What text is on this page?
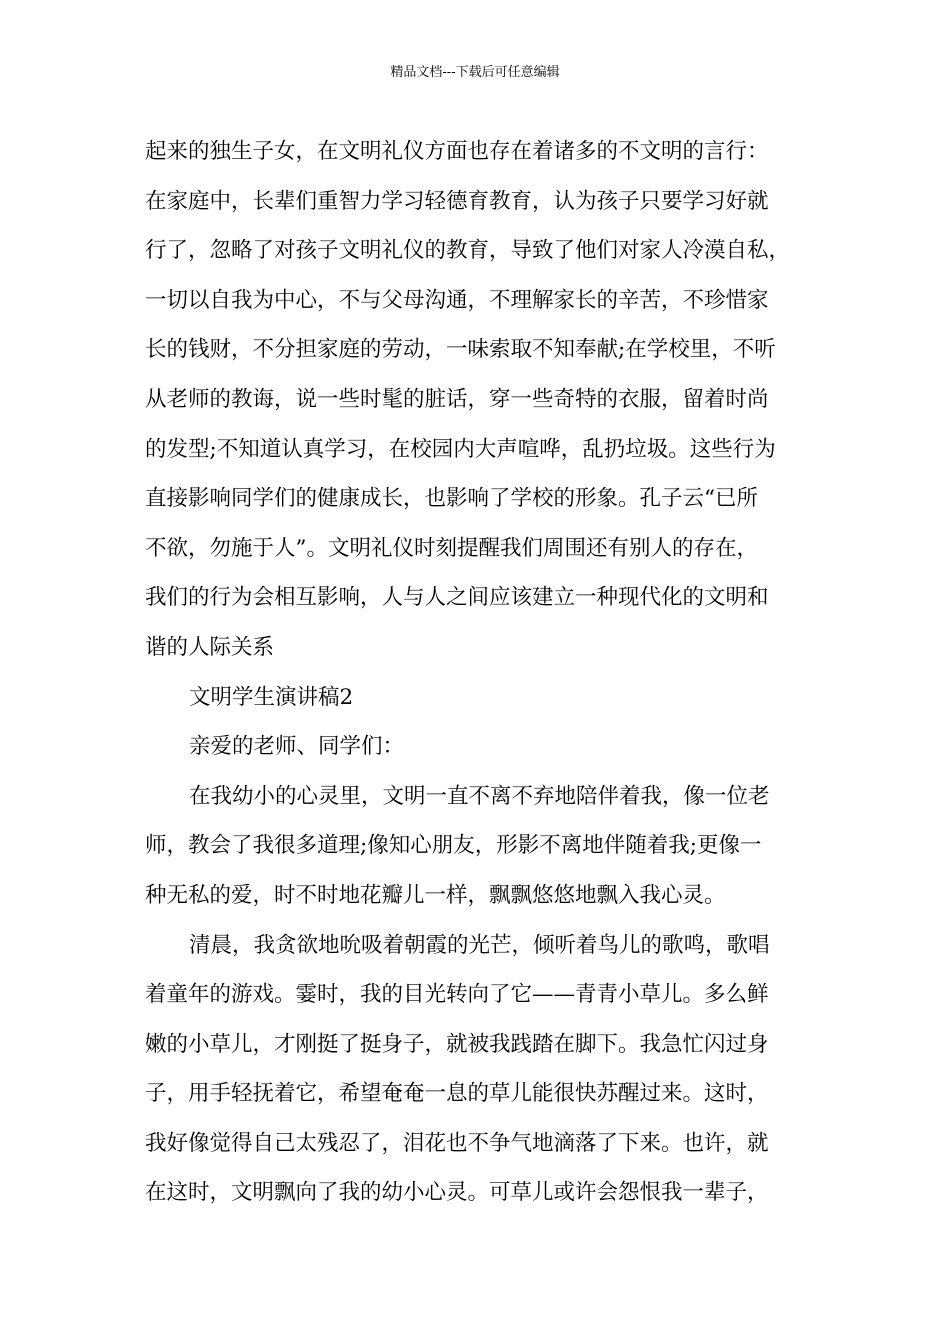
精品文档---下载后可任意编辑
起来的独生子女，在文明礼仪方面也存在着诸多的不文明的言行：
在家庭中，长辈们重智力学习轻德育教育，认为孩子只要学习好就
行了，忽略了对孩子文明礼仪的教育，导致了他们对家人冷漠自私，
一切以自我为中心，不与父母沟通，不理解家长的辛苦，不珍惜家
长的钱财，不分担家庭的劳动，一味索取不知奉献;在学校里，不听
从老师的教诲，说一些时髦的脏话，穿一些奇特的衣服，留着时尚
的发型;不知道认真学习，在校园内大声喧哗，乱扔垃圾。这些行为
直接影响同学们的健康成长，也影响了学校的形象。孔子云“已所
不欲，勿施于人”。文明礼仪时刻提醒我们周围还有别人的存在，
我们的行为会相互影响，人与人之间应该建立一种现代化的文明和
谐的人际关系
文明学生演讲稿2
亲爱的老师、同学们：
在我幼小的心灵里，文明一直不离不弃地陪伴着我，像一位老
师，教会了我很多道理;像知心朋友，形影不离地伴随着我;更像一
种无私的爱，时不时地花瓣儿一样，飘飘悠悠地飘入我心灵。
清晨，我贪欲地吮吸着朝霞的光芒，倾听着鸟儿的歌鸣，歌唱
着童年的游戏。霎时，我的目光转向了它——青青小草儿。多么鲜
嫩的小草儿，才刚挺了挺身子，就被我践踏在脚下。我急忙闪过身
子，用手轻抚着它，希望奄奄一息的草儿能很快苏醒过来。这时，
我好像觉得自己太残忍了，泪花也不争气地滴落了下来。也许，就
在这时，文明飘向了我的幼小心灵。可草儿或许会怨恨我一辈子，
